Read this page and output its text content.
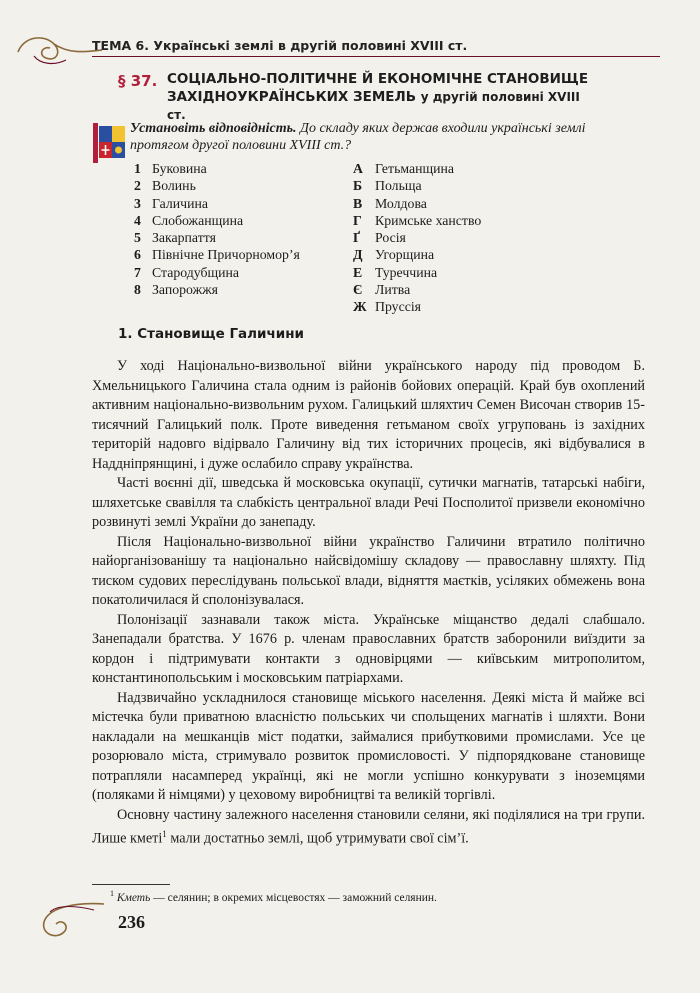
ТЕМА 6. Українські землі в другій половині XVIII ст.
§ 37. СОЦІАЛЬНО-ПОЛІТИЧНЕ Й ЕКОНОМІЧНЕ СТАНОВИЩЕ
ЗАХІДНОУКРАЇНСЬКИХ ЗЕМЕЛЬ у другій половині XVIII ст.
Установіть відповідність. До складу яких держав входили українські землі протягом другої половини XVIII ст.?
1 Буковина
2 Волинь
3 Галичина
4 Слобожанщина
5 Закарпаття
6 Північне Причорномор’я
7 Стародубщина
8 Запорожжя
А Гетьманщина
Б Польща
В Молдова
Г Кримське ханство
Ґ Росія
Д Угорщина
Е Туреччина
Є Литва
Ж Пруссія
1. Становище Галичини

У ході Національно-визвольної війни українського народу під проводом Б. Хмельницького Галичина стала одним із районів бойових операцій. Край був охоплений активним національно-визвольним рухом. Галицький шляхтич Семен Височан створив 15-тисячний Галицький полк. Проте виведення гетьманом своїх угруповань із західних територій надовго відірвало Галичину від тих історичних процесів, які відбувалися в Наддніпрянщині, і дуже ослабило справу українства.

Часті воєнні дії, шведська й московська окупації, сутички магнатів, татарські набіги, шляхетське свавілля та слабкість центральної влади Речі Посполитої призвели економічно розвинуті землі України до занепаду.

Після Національно-визвольної війни українство Галичини втратило політично найорганізованішу та національно найсвідомішу складову — православну шляхту. Під тиском судових переслідувань польської влади, відняття маєтків, усіляких обмежень вона покатоличилася й сполонізувалася.

Полонізації зазнавали також міста. Українське міщанство дедалі слабшало. Занепадали братства. У 1676 р. членам православних братств заборонили виїздити за кордон і підтримувати контакти з одновірцями — київським митрополитом, константинопольським і московським патріархами.

Надзвичайно ускладнилося становище міського населення. Деякі міста й майже всі містечка були приватною власністю польських чи спольщених магнатів і шляхти. Вони накладали на мешканців міст податки, займалися прибутковими промислами. Усе це розорювало міста, стримувало розвиток промисловості. У підпорядковане становище потрапляли насамперед українці, які не могли успішно конкурувати з іноземцями (поляками й німцями) у цеховому виробництві та великій торгівлі.

Основну частину залежного населення становили селяни, які поділялися на три групи. Лише кметі$^1$ мали достатньо землі, щоб утримувати свої сім’ї.

$^1$ Кметь — селянин; в окремих місцевостях — заможний селянин.
236
